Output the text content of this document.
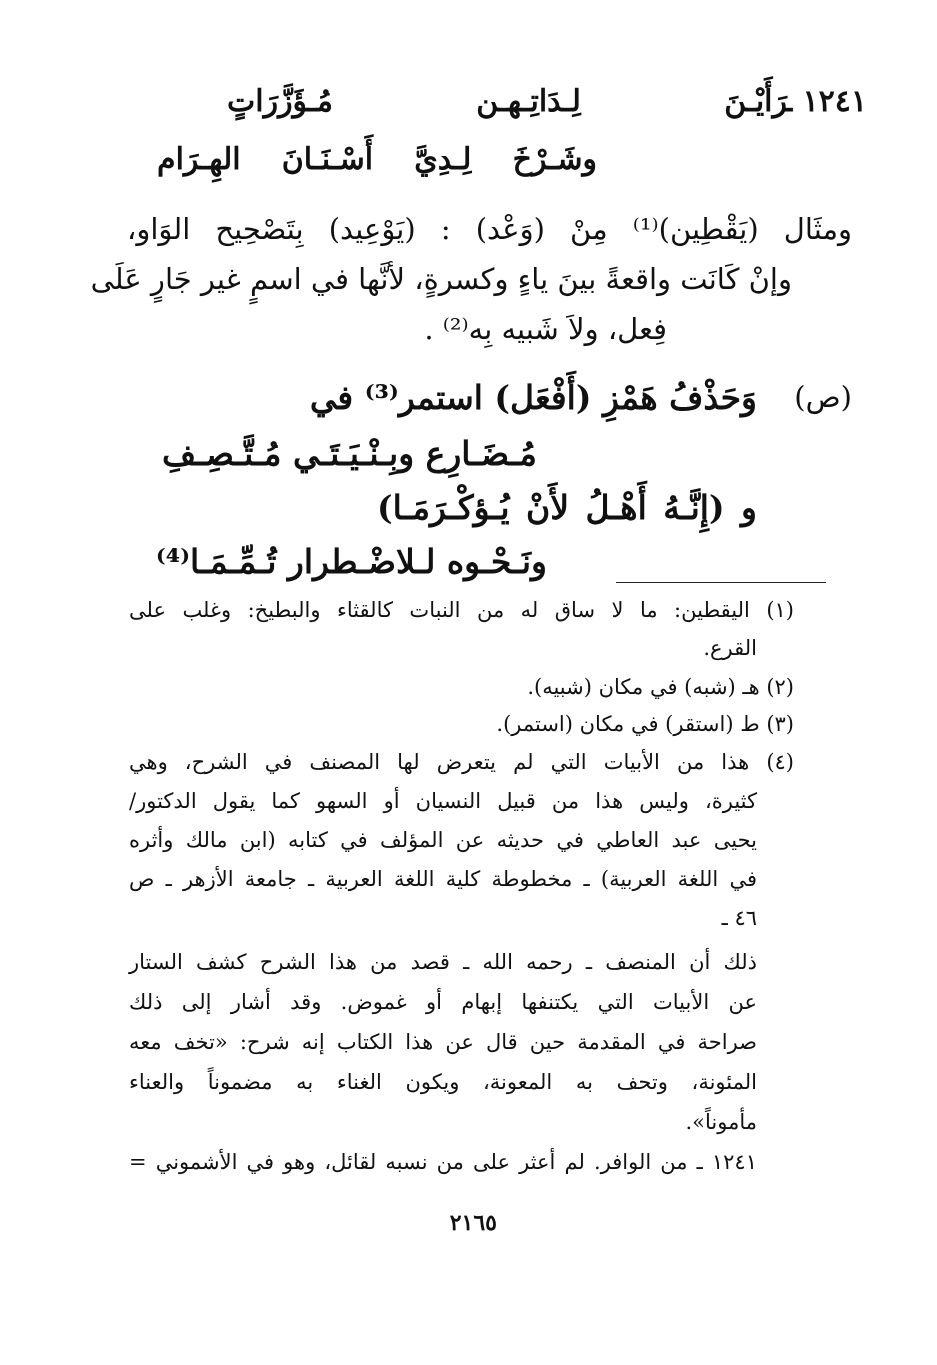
١٢٤١ ـ
رَأَيْـنَ لِـدَاتِـهـن مُـؤَزَّرَاتٍ
وشَـرْخَ لِـدِيَّ أَسْـنَـانَ الهِـرَام
ومثَال (يَقْطِين)⁽¹⁾ مِنْ (وَعْد) : (يَوْعِيد) بِتَصْحِيح الوَاو،
وإنْ كَانَت واقعةً بينَ ياءٍ وكسرةٍ، لأنَّها في اسمٍ غير جَارٍ عَلَى
فِعل، ولاَ شَبيه بِه⁽²⁾ .
(ص)
وَحَذْفُ هَمْزِ (أَفْعَل) استمر⁽³⁾ في
مُـضَـارِع وبِـنْـيَـتَـي مُـتَّـصِـفِ
و (إِنَّـهُ أَهْـلُ لأَنْ يُـؤكْـرَمَـا)
ونَـحْـوه لـلاضْـطرار تُـمِّـمَـا⁽⁴⁾
(١) اليقطين: ما لا ساق له من النبات كالقثاء والبطيخ: وغلب على
القرع.
(٢) هـ (شبه) في مكان (شبيه).
(٣) ط (استقر) في مكان (استمر).
(٤) هذا من الأبيات التي لم يتعرض لها المصنف في الشرح، وهي
كثيرة، وليس هذا من قبيل النسيان أو السهو كما يقول الدكتور/
يحيى عبد العاطي في حديثه عن المؤلف في كتابه (ابن مالك وأثره
في اللغة العربية) ـ مخطوطة كلية اللغة العربية ـ جامعة الأزهر ـ ص
٤٦ ـ
ذلك أن المنصف ـ رحمه الله ـ قصد من هذا الشرح كشف الستار
عن الأبيات التي يكتنفها إبهام أو غموض. وقد أشار إلى ذلك
صراحة في المقدمة حين قال عن هذا الكتاب إنه شرح: «تخف معه
المئونة، وتحف به المعونة، ويكون الغناء به مضموناً والعناء
مأموناً».
١٢٤١ ـ من الوافر. لم أعثر على من نسبه لقائل، وهو في الأشموني =
٢١٦٥
